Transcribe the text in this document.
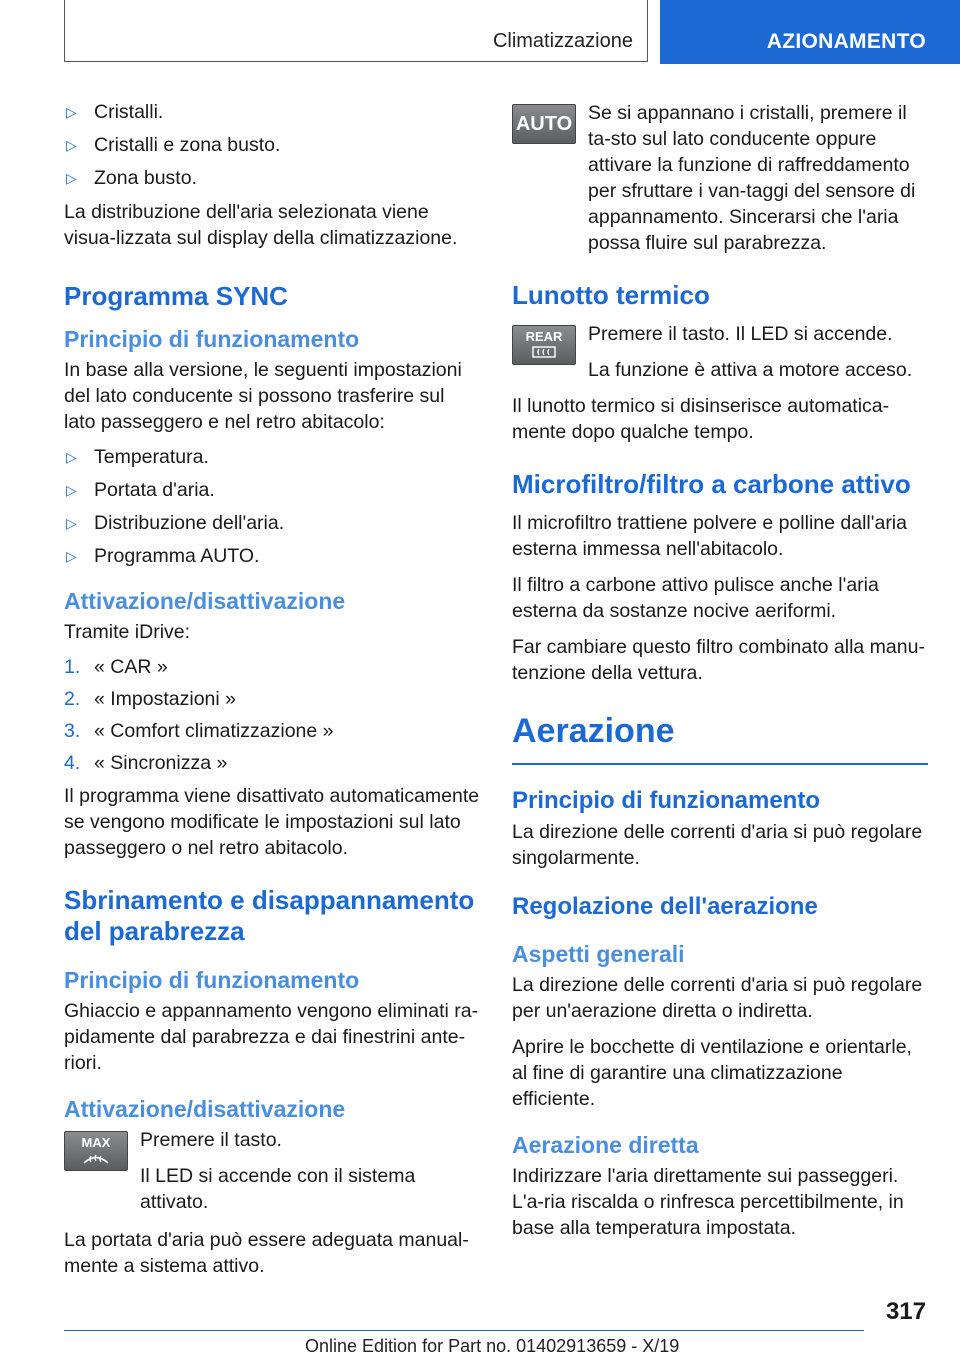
Climatizzazione	AZIONAMENTO
▷ Cristalli.
▷ Cristalli e zona busto.
▷ Zona busto.

La distribuzione dell'aria selezionata viene visua-lizzata sul display della climatizzazione.

Programma SYNC
Principio di funzionamento

In base alla versione, le seguenti impostazioni del lato conducente si possono trasferire sul lato passeggero e nel retro abitacolo:

▷ Temperatura.
▷ Portata d'aria.
▷ Distribuzione dell'aria.
▷ Programma AUTO.
Attivazione/disattivazione

Tramite iDrive:

1. « CAR »
2. « Impostazioni »
3. « Comfort climatizzazione »
4. « Sincronizza »

Il programma viene disattivato automaticamente se vengono modificate le impostazioni sul lato passeggero o nel retro abitacolo.

Sbrinamento e disappannamento del parabrezza
Principio di funzionamento

Ghiaccio e appannamento vengono eliminati ra-pidamente dal parabrezza e dai finestrini ante-riori.

Attivazione/disattivazione
MAX	Premere il tasto.

Il LED si accende con il sistema attivato.

La portata d'aria può essere adeguata manual-mente a sistema attivo.

AUTO Se si appannano i cristalli, premere il ta-sto sul lato conducente oppure attivare la funzione di raffreddamento per sfruttare i van-taggi del sensore di appannamento. Sincerarsi che l'aria possa fluire sul parabrezza.

Lunotto termico
REAR	Premere il tasto. Il LED si accende.

La funzione è attiva a motore acceso.

Il lunotto termico si disinserisce automatica-mente dopo qualche tempo.

Microfiltro/filtro a carbone attivo

Il microfiltro trattiene polvere e polline dall'aria esterna immessa nell'abitacolo.

Il filtro a carbone attivo pulisce anche l'aria esterna da sostanze nocive aeriformi.

Far cambiare questo filtro combinato alla manu-tenzione della vettura.

Aerazione
Principio di funzionamento

La direzione delle correnti d'aria si può regolare singolarmente.

Regolazione dell'aerazione
Aspetti generali

La direzione delle correnti d'aria si può regolare per un'aerazione diretta o indiretta.

Aprire le bocchette di ventilazione e orientarle, al fine di garantire una climatizzazione efficiente.

Aerazione diretta

Indirizzare l'aria direttamente sui passeggeri. L'a-ria riscalda o rinfresca percettibilmente, in base alla temperatura impostata.

317
Online Edition for Part no. 01402913659 - X/19
